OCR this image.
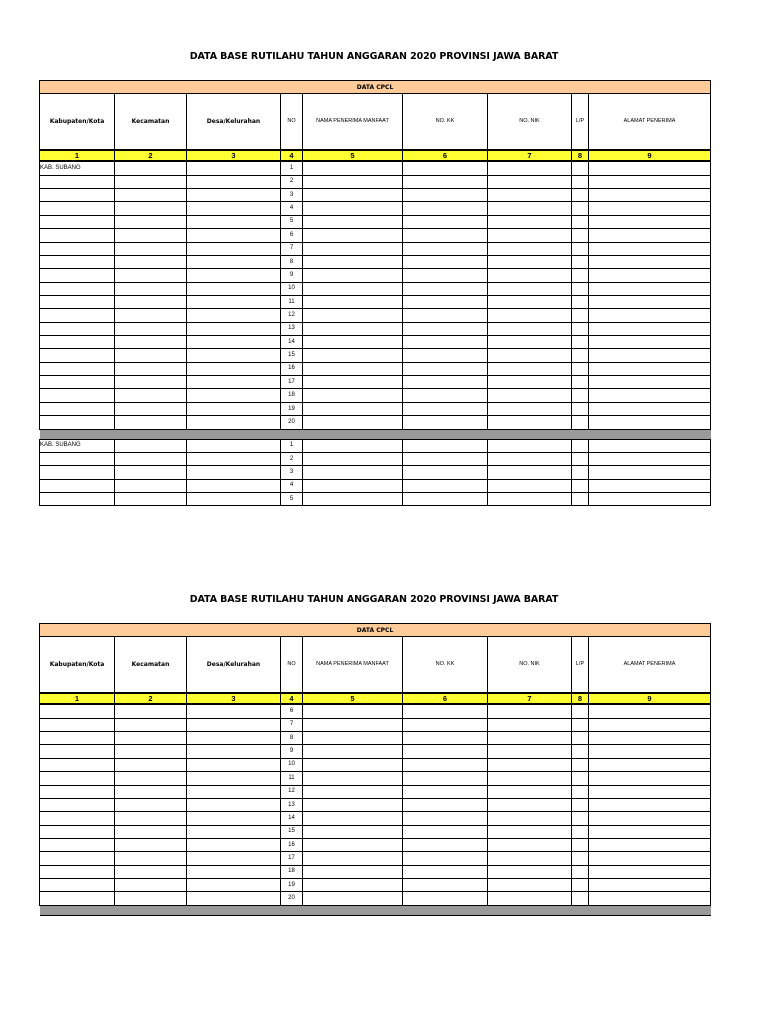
DATA BASE RUTILAHU TAHUN ANGGARAN 2020 PROVINSI JAWA BARAT
DATA CPCL								
Kabupaten/Kota	Kecamatan	Desa/Kelurahan	NO	NAMA PENERIMA MANFAAT	NO. KK	NO. NIK	L/P	ALAMAT PENERIMA
1	2	3	4	5	6	7	8	9
KAB. SUBANG			1					
			2					
			3					
			4					
			5					
			6					
			7					
			8					
			9					
			10					
			11					
			12					
			13					
			14					
			15					
			16					
			17					
			18					
			19					
			20					

KAB. SUBANG			1					
			2					
			3					
			4					
			5					
DATA BASE RUTILAHU TAHUN ANGGARAN 2020 PROVINSI JAWA BARAT
DATA CPCL								
Kabupaten/Kota	Kecamatan	Desa/Kelurahan	NO	NAMA PENERIMA MANFAAT	NO. KK	NO. NIK	L/P	ALAMAT PENERIMA
1	2	3	4	5	6	7	8	9
			6					
			7					
			8					
			9					
			10					
			11					
			12					
			13					
			14					
			15					
			16					
			17					
			18					
			19					
			20					
